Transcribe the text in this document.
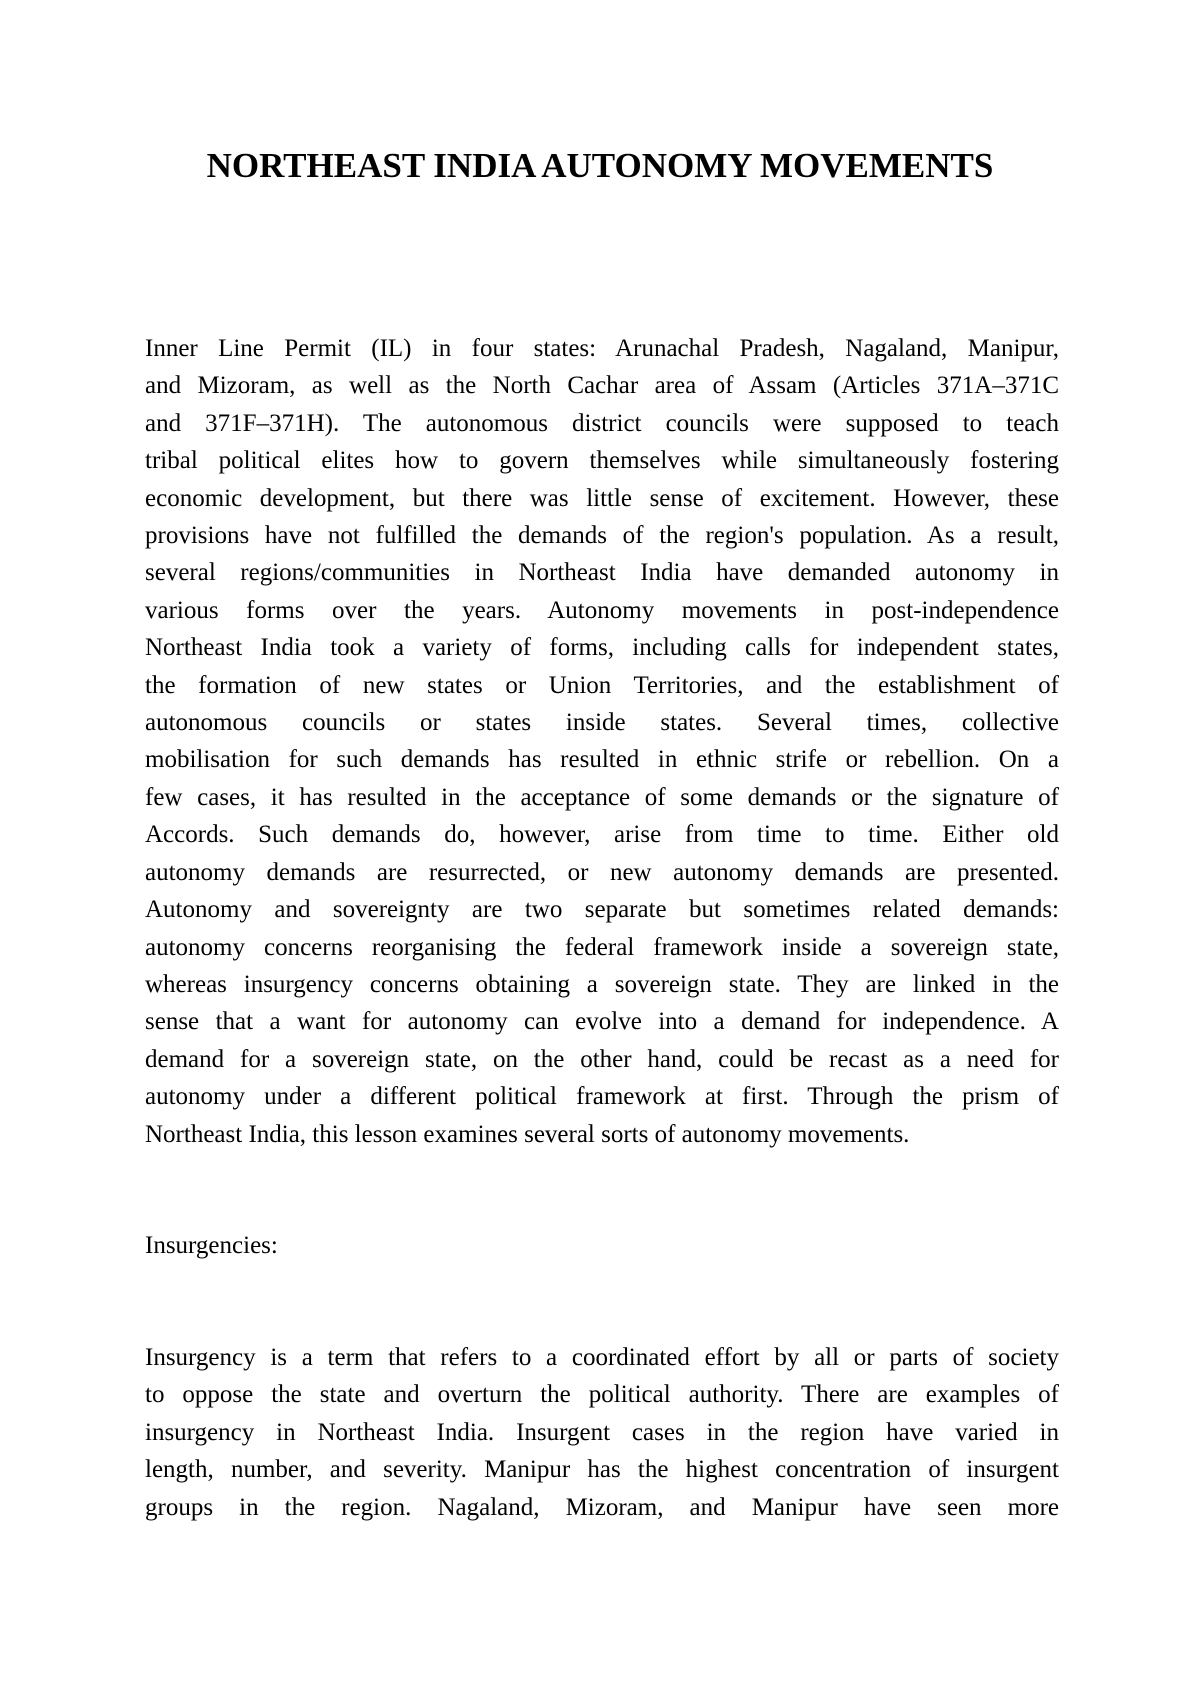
NORTHEAST INDIA AUTONOMY MOVEMENTS
Inner Line Permit (IL) in four states: Arunachal Pradesh, Nagaland, Manipur,
and Mizoram, as well as the North Cachar area of Assam (Articles 371A–371C
and 371F–371H). The autonomous district councils were supposed to teach
tribal political elites how to govern themselves while simultaneously fostering
economic development, but there was little sense of excitement. However, these
provisions have not fulfilled the demands of the region's population. As a result,
several regions/communities in Northeast India have demanded autonomy in
various forms over the years. Autonomy movements in post-independence
Northeast India took a variety of forms, including calls for independent states,
the formation of new states or Union Territories, and the establishment of
autonomous councils or states inside states. Several times, collective
mobilisation for such demands has resulted in ethnic strife or rebellion. On a
few cases, it has resulted in the acceptance of some demands or the signature of
Accords. Such demands do, however, arise from time to time. Either old
autonomy demands are resurrected, or new autonomy demands are presented.
Autonomy and sovereignty are two separate but sometimes related demands:
autonomy concerns reorganising the federal framework inside a sovereign state,
whereas insurgency concerns obtaining a sovereign state. They are linked in the
sense that a want for autonomy can evolve into a demand for independence. A
demand for a sovereign state, on the other hand, could be recast as a need for
autonomy under a different political framework at first. Through the prism of
Northeast India, this lesson examines several sorts of autonomy movements.

Insurgencies:

Insurgency is a term that refers to a coordinated effort by all or parts of society
to oppose the state and overturn the political authority. There are examples of
insurgency in Northeast India. Insurgent cases in the region have varied in
length, number, and severity. Manipur has the highest concentration of insurgent
groups in the region. Nagaland, Mizoram, and Manipur have seen more
